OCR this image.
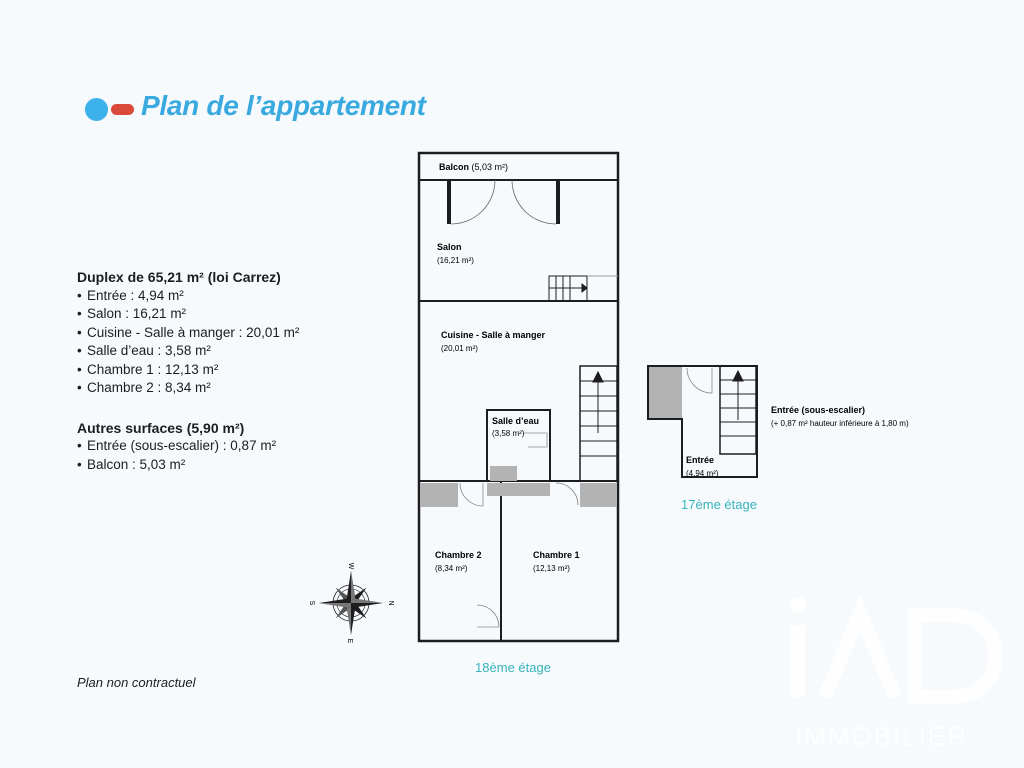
Plan de l’appartement
Duplex de 65,21 m² (loi Carrez)
• Entrée : 4,94 m²
• Salon : 16,21 m²
• Cuisine - Salle à manger : 20,01 m²
• Salle d’eau : 3,58 m²
• Chambre 1 : 12,13 m²
• Chambre 2 : 8,34 m²
Autres surfaces (5,90 m²)
• Entrée (sous-escalier) : 0,87 m²
• Balcon : 5,03 m²
Plan non contractuel
IMMOBILIER
Balcon (5,03 m²)
Salon
(16,21 m²)
Cuisine - Salle à manger
(20,01 m²)
Salle d’eau
(3,58 m²)
Chambre 2
(8,34 m²)
Chambre 1
(12,13 m²)
18ème étage
Entrée
(4,94 m²)
Entrée (sous-escalier)
(+ 0,87 m² hauteur inférieure à 1,80 m)
17ème étage
W
E
S	N
